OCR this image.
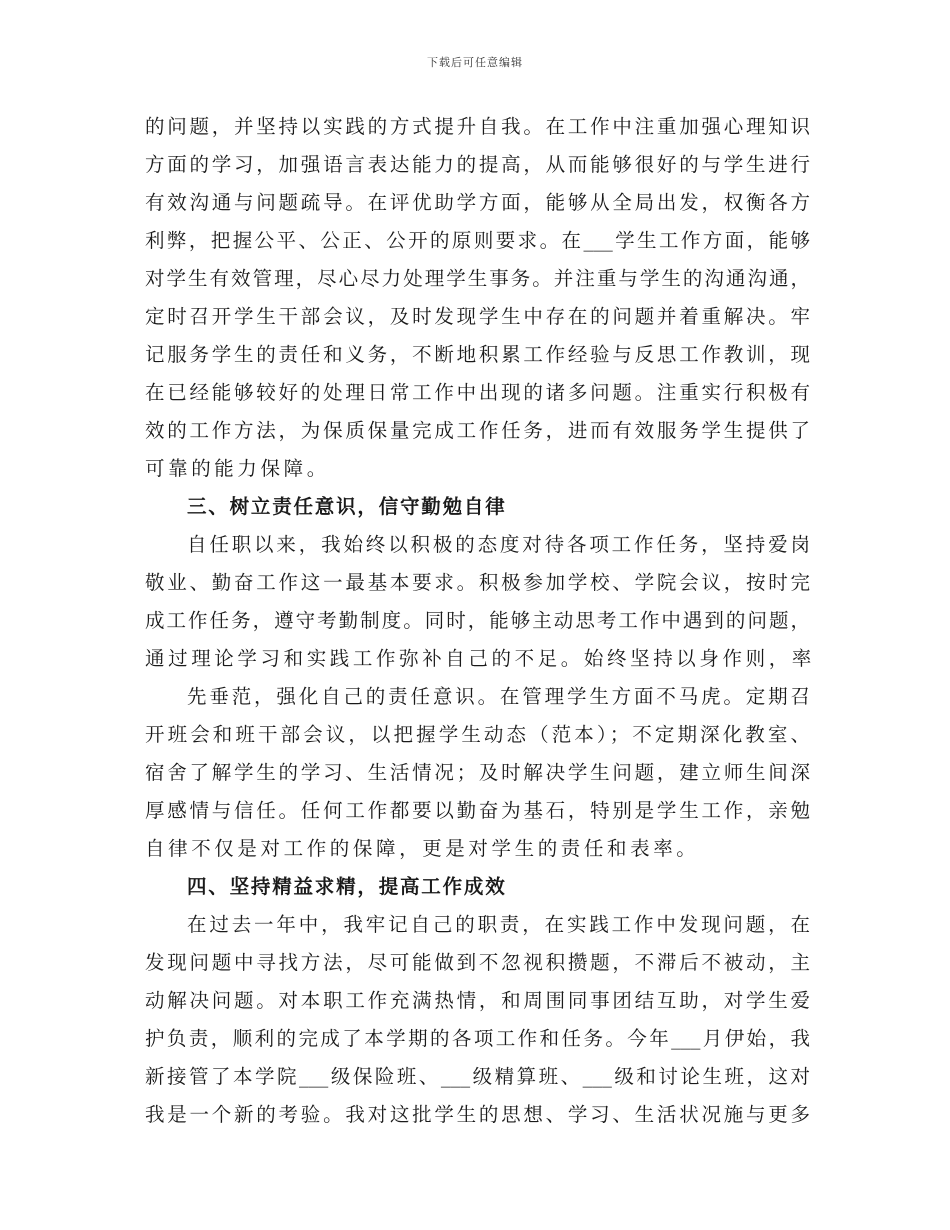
下载后可任意编辑
的问题，并坚持以实践的方式提升自我。在工作中注重加强心理知识
方面的学习，加强语言表达能力的提高，从而能够很好的与学生进行
有效沟通与问题疏导。在评优助学方面，能够从全局出发，权衡各方
利弊，把握公平、公正、公开的原则要求。在___学生工作方面，能够
对学生有效管理，尽心尽力处理学生事务。并注重与学生的沟通沟通，
定时召开学生干部会议，及时发现学生中存在的问题并着重解决。牢
记服务学生的责任和义务，不断地积累工作经验与反思工作教训，现
在已经能够较好的处理日常工作中出现的诸多问题。注重实行积极有
效的工作方法，为保质保量完成工作任务，进而有效服务学生提供了
可靠的能力保障。
三、树立责任意识，信守勤勉自律
自任职以来，我始终以积极的态度对待各项工作任务，坚持爱岗
敬业、勤奋工作这一最基本要求。积极参加学校、学院会议，按时完
成工作任务，遵守考勤制度。同时，能够主动思考工作中遇到的问题，
通过理论学习和实践工作弥补自己的不足。始终坚持以身作则，率
先垂范，强化自己的责任意识。在管理学生方面不马虎。定期召
开班会和班干部会议，以把握学生动态（范本）；不定期深化教室、
宿舍了解学生的学习、生活情况；及时解决学生问题，建立师生间深
厚感情与信任。任何工作都要以勤奋为基石，特别是学生工作，亲勉
自律不仅是对工作的保障，更是对学生的责任和表率。
四、坚持精益求精，提高工作成效
在过去一年中，我牢记自己的职责，在实践工作中发现问题，在
发现问题中寻找方法，尽可能做到不忽视积攒题，不滞后不被动，主
动解决问题。对本职工作充满热情，和周围同事团结互助，对学生爱
护负责，顺利的完成了本学期的各项工作和任务。今年___月伊始，我
新接管了本学院___级保险班、___级精算班、___级和讨论生班，这对
我是一个新的考验。我对这批学生的思想、学习、生活状况施与更多
